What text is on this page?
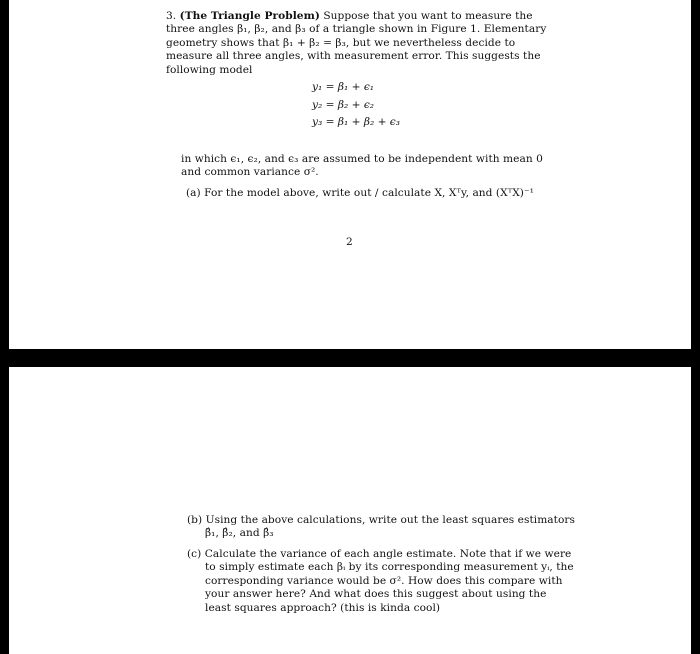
3. (The Triangle Problem) Suppose that you want to measure the three angles β₁, β₂, and β₃ of a triangle shown in Figure 1. Elementary geometry shows that β₁ + β₂ = β₃, but we nevertheless decide to measure all three angles, with measurement error. This suggests the following model
y₁ = β₁ + ϵ₁
y₂ = β₂ + ϵ₂
y₃ = β₁ + β₂ + ϵ₃
in which ϵ₁, ϵ₂, and ϵ₃ are assumed to be independent with mean 0 and common variance σ².
(a) For the model above, write out / calculate X, Xᵀy, and (XᵀX)⁻¹
2
(b) Using the above calculations, write out the least squares estimators β̂₁, β̂₂, and β̂₃
(c) Calculate the variance of each angle estimate. Note that if we were to simply estimate each βᵢ by its corresponding measurement yᵢ, the corresponding variance would be σ². How does this compare with your answer here? And what does this suggest about using the least squares approach? (this is kinda cool)
